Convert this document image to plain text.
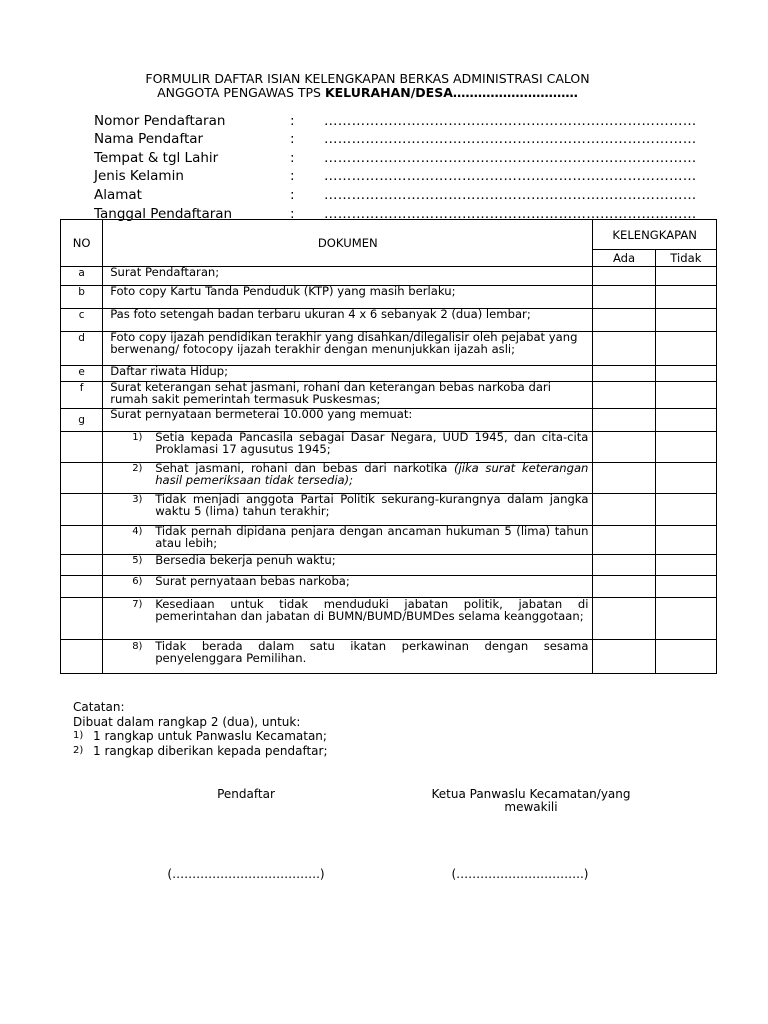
FORMULIR DAFTAR ISIAN KELENGKAPAN BERKAS ADMINISTRASI CALON
ANGGOTA PENGAWAS TPS KELURAHAN/DESA…………………………
Nomor Pendaftaran	:	………………………………………………………………………
Nama Pendaftar	:	………………………………………………………………………
Tempat & tgl Lahir	:	………………………………………………………………………
Jenis Kelamin	:	………………………………………………………………………
Alamat	:	………………………………………………………………………
Tanggal Pendaftaran	:	………………………………………………………………………
NO	DOKUMEN	KELENGKAPAN	
		Ada	Tidak
a	Surat Pendaftaran;		
b	Foto copy Kartu Tanda Penduduk (KTP) yang masih berlaku;		
c	Pas foto setengah badan terbaru ukuran 4 x 6 sebanyak 2 (dua) lembar;		
d	Foto copy ijazah pendidikan terakhir yang disahkan/dilegalisir oleh pejabat yang berwenang/ fotocopy ijazah terakhir dengan menunjukkan ijazah asli;		
e	Daftar riwata Hidup;		
f	Surat keterangan sehat jasmani, rohani dan keterangan bebas narkoba dari rumah sakit pemerintah termasuk Puskesmas;		
g	Surat pernyataan bermeterai 10.000 yang memuat:		

	1) Setia kepada Pancasila sebagai Dasar Negara, UUD 1945, dan cita-cita Proklamasi 17 agusutus 1945;		

	2) Sehat jasmani, rohani dan bebas dari narkotika (jika surat keterangan hasil pemeriksaan tidak tersedia);		

	3) Tidak menjadi anggota Partai Politik sekurang-kurangnya dalam jangka waktu 5 (lima) tahun terakhir;		

	4) Tidak pernah dipidana penjara dengan ancaman hukuman 5 (lima) tahun atau lebih;		

	5) Bersedia bekerja penuh waktu;		

	6) Surat pernyataan bebas narkoba;		

	7) Kesediaan untuk tidak menduduki jabatan politik, jabatan di pemerintahan dan jabatan di BUMN/BUMD/BUMDes selama keanggotaan;		

	8) Tidak berada dalam satu ikatan perkawinan dengan sesama penyelenggara Pemilihan.		

Catatan:
Dibuat dalam rangkap 2 (dua), untuk:
1) 1 rangkap untuk Panwaslu Kecamatan;
2) 1 rangkap diberikan kepada pendaftar;
Pendaftar	Ketua Panwaslu Kecamatan/yang
mewakili
(……………………………….)	(…………………………..)
